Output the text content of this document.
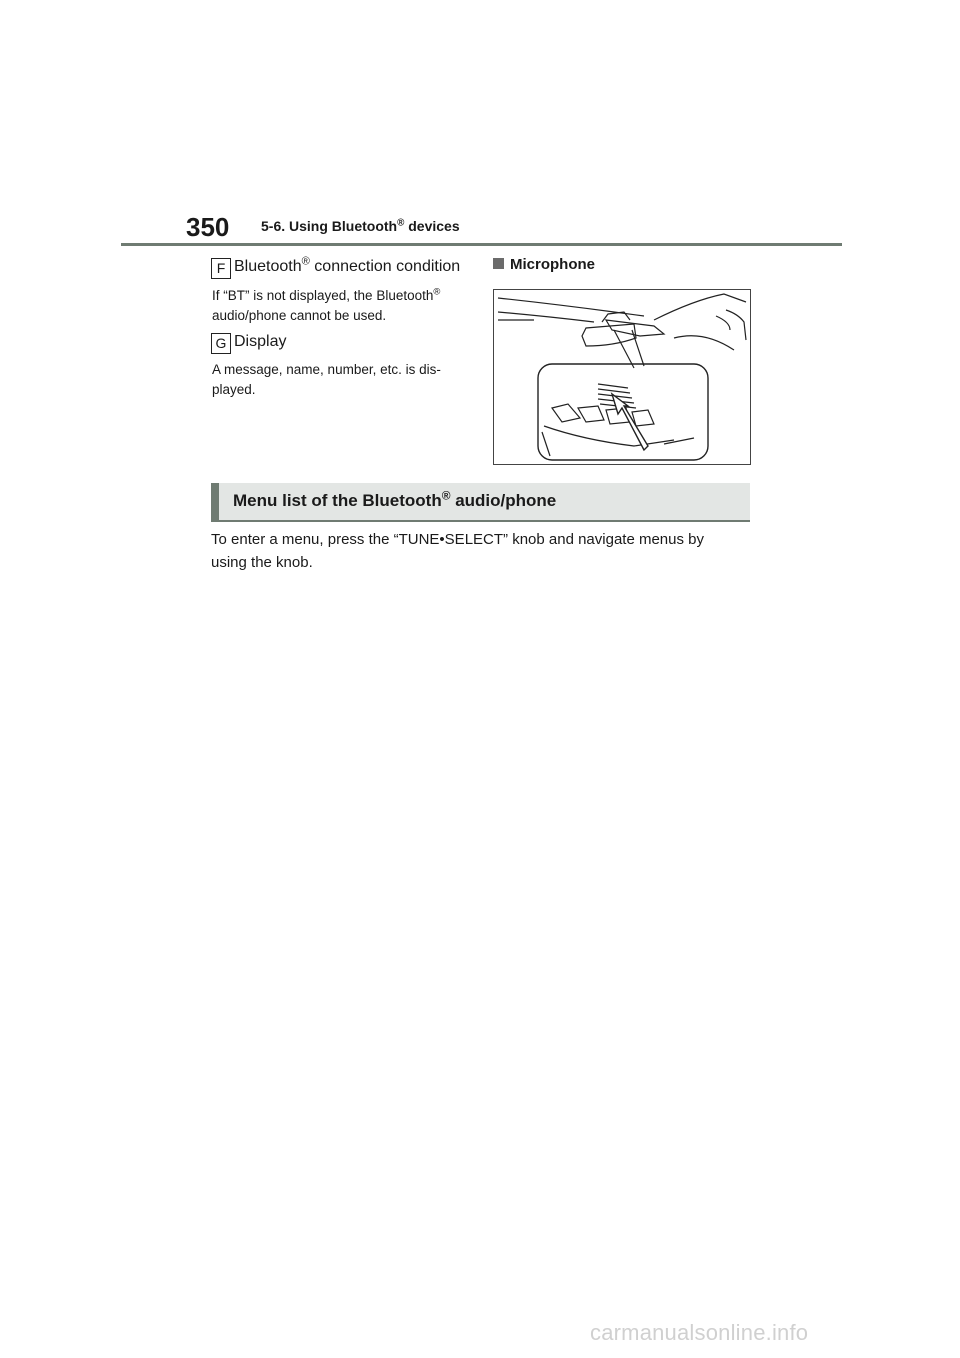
350 5-6. Using Bluetooth® devices
F Bluetooth® connection condition
If “BT” is not displayed, the Bluetooth®
audio/phone cannot be used.
G Display
A message, name, number, etc. is dis-
played.
Microphone
Menu list of the Bluetooth® audio/phone
To enter a menu, press the “TUNE•SELECT” knob and navigate menus by
using the knob.
carmanualsonline.info
